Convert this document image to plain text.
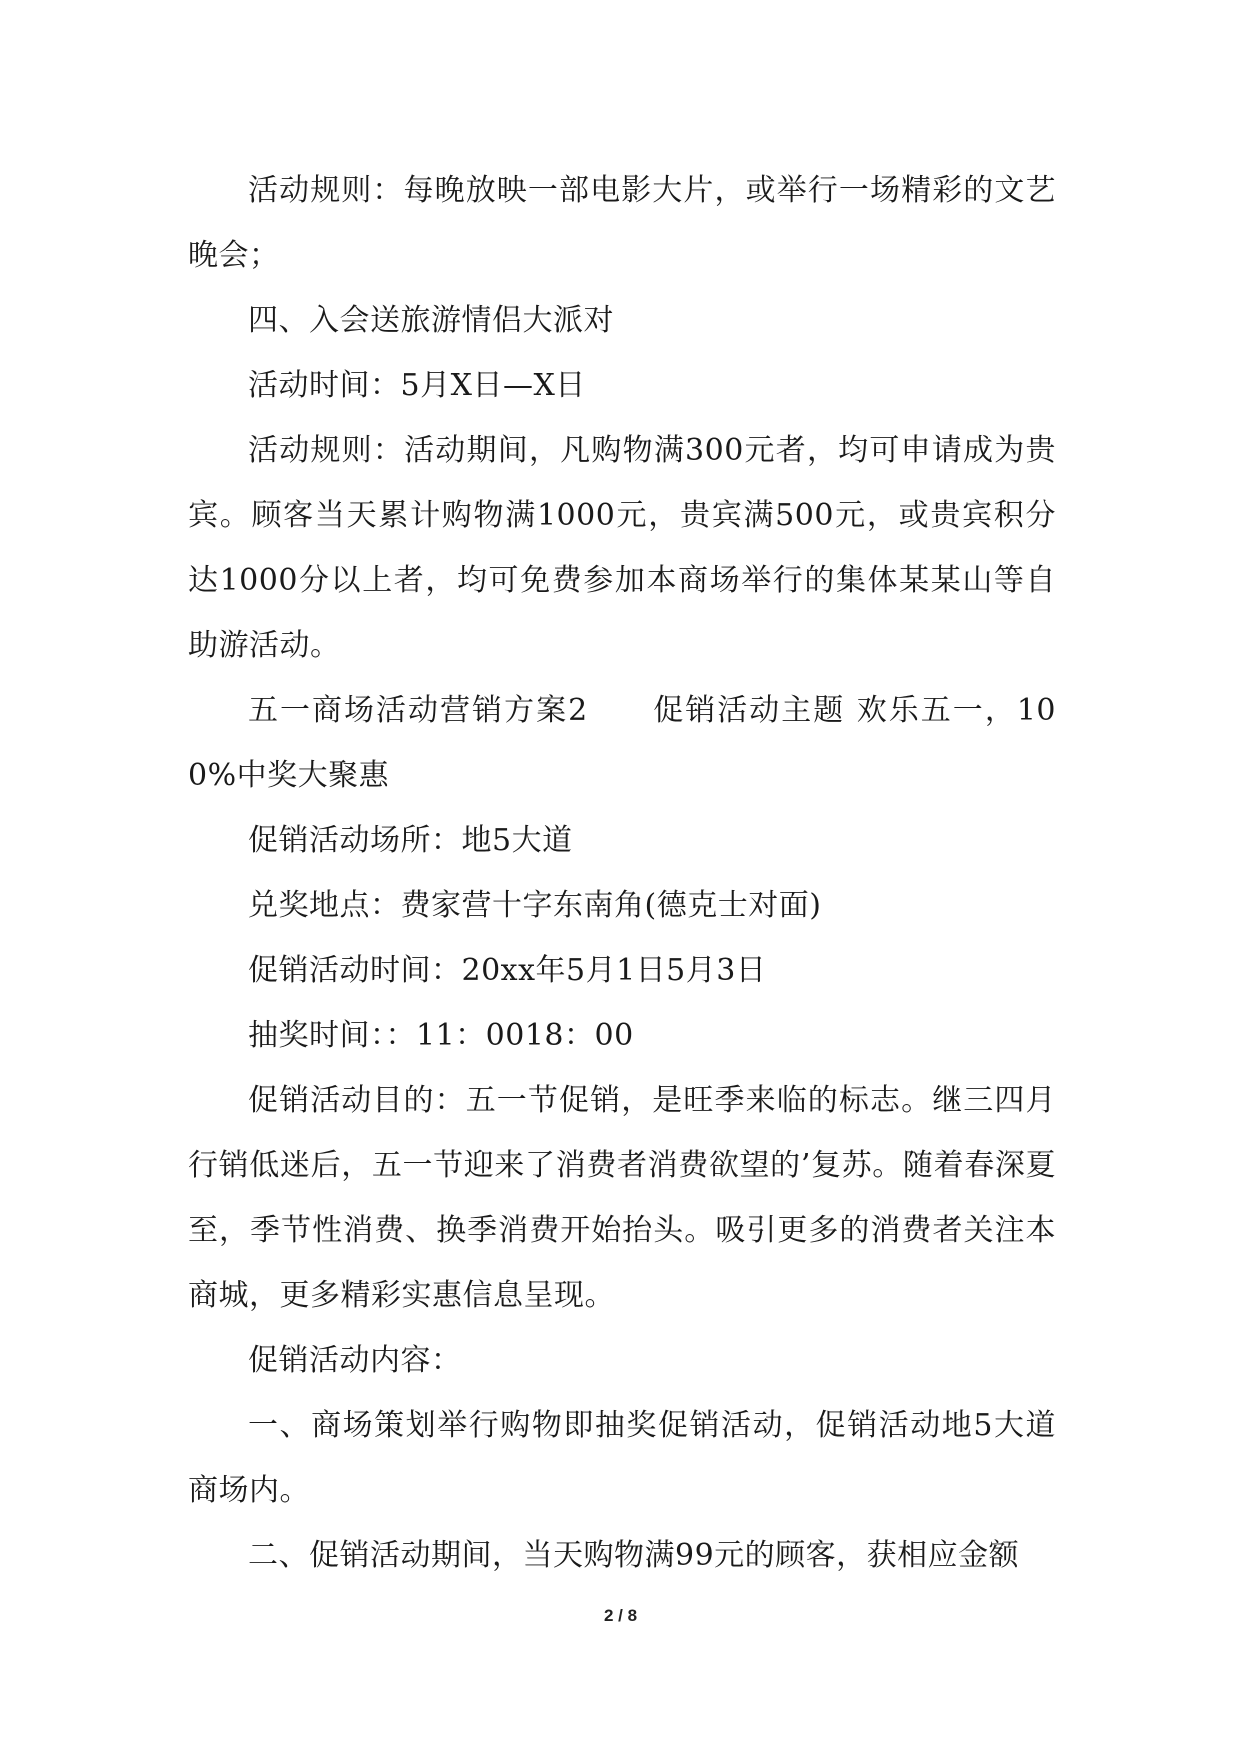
活动规则：每晚放映一部电影大片，或举行一场精彩的文艺晚会；

四、入会送旅游情侣大派对

活动时间：5月X日—X日

活动规则：活动期间，凡购物满300元者，均可申请成为贵宾。顾客当天累计购物满1000元，贵宾满500元，或贵宾积分达1000分以上者，均可免费参加本商场举行的集体某某山等自助游活动。

五一商场活动营销方案2　　促销活动主题 欢乐五一，100%中奖大聚惠

促销活动场所：地5大道

兑奖地点：费家营十字东南角(德克士对面)

促销活动时间：20xx年5月1日5月3日

抽奖时间：：11：0018：00

促销活动目的：五一节促销，是旺季来临的标志。继三四月行销低迷后，五一节迎来了消费者消费欲望的’复苏。随着春深夏至，季节性消费、换季消费开始抬头。吸引更多的消费者关注本商城，更多精彩实惠信息呈现。

促销活动内容：

一、商场策划举行购物即抽奖促销活动，促销活动地5大道商场内。

二、促销活动期间，当天购物满99元的顾客，获相应金额

2 / 8
